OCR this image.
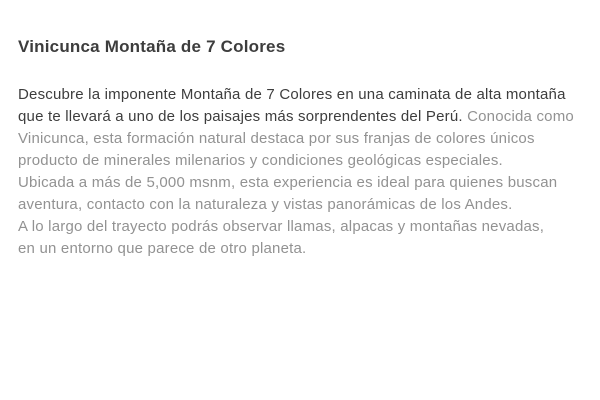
Vinicunca Montaña de 7 Colores
Descubre la imponente Montaña de 7 Colores en una caminata de alta montaña
que te llevará a uno de los paisajes más sorprendentes del Perú. Conocida como
Vinicunca, esta formación natural destaca por sus franjas de colores únicos
producto de minerales milenarios y condiciones geológicas especiales.
Ubicada a más de 5,000 msnm, esta experiencia es ideal para quienes buscan
aventura, contacto con la naturaleza y vistas panorámicas de los Andes.
A lo largo del trayecto podrás observar llamas, alpacas y montañas nevadas,
en un entorno que parece de otro planeta.
